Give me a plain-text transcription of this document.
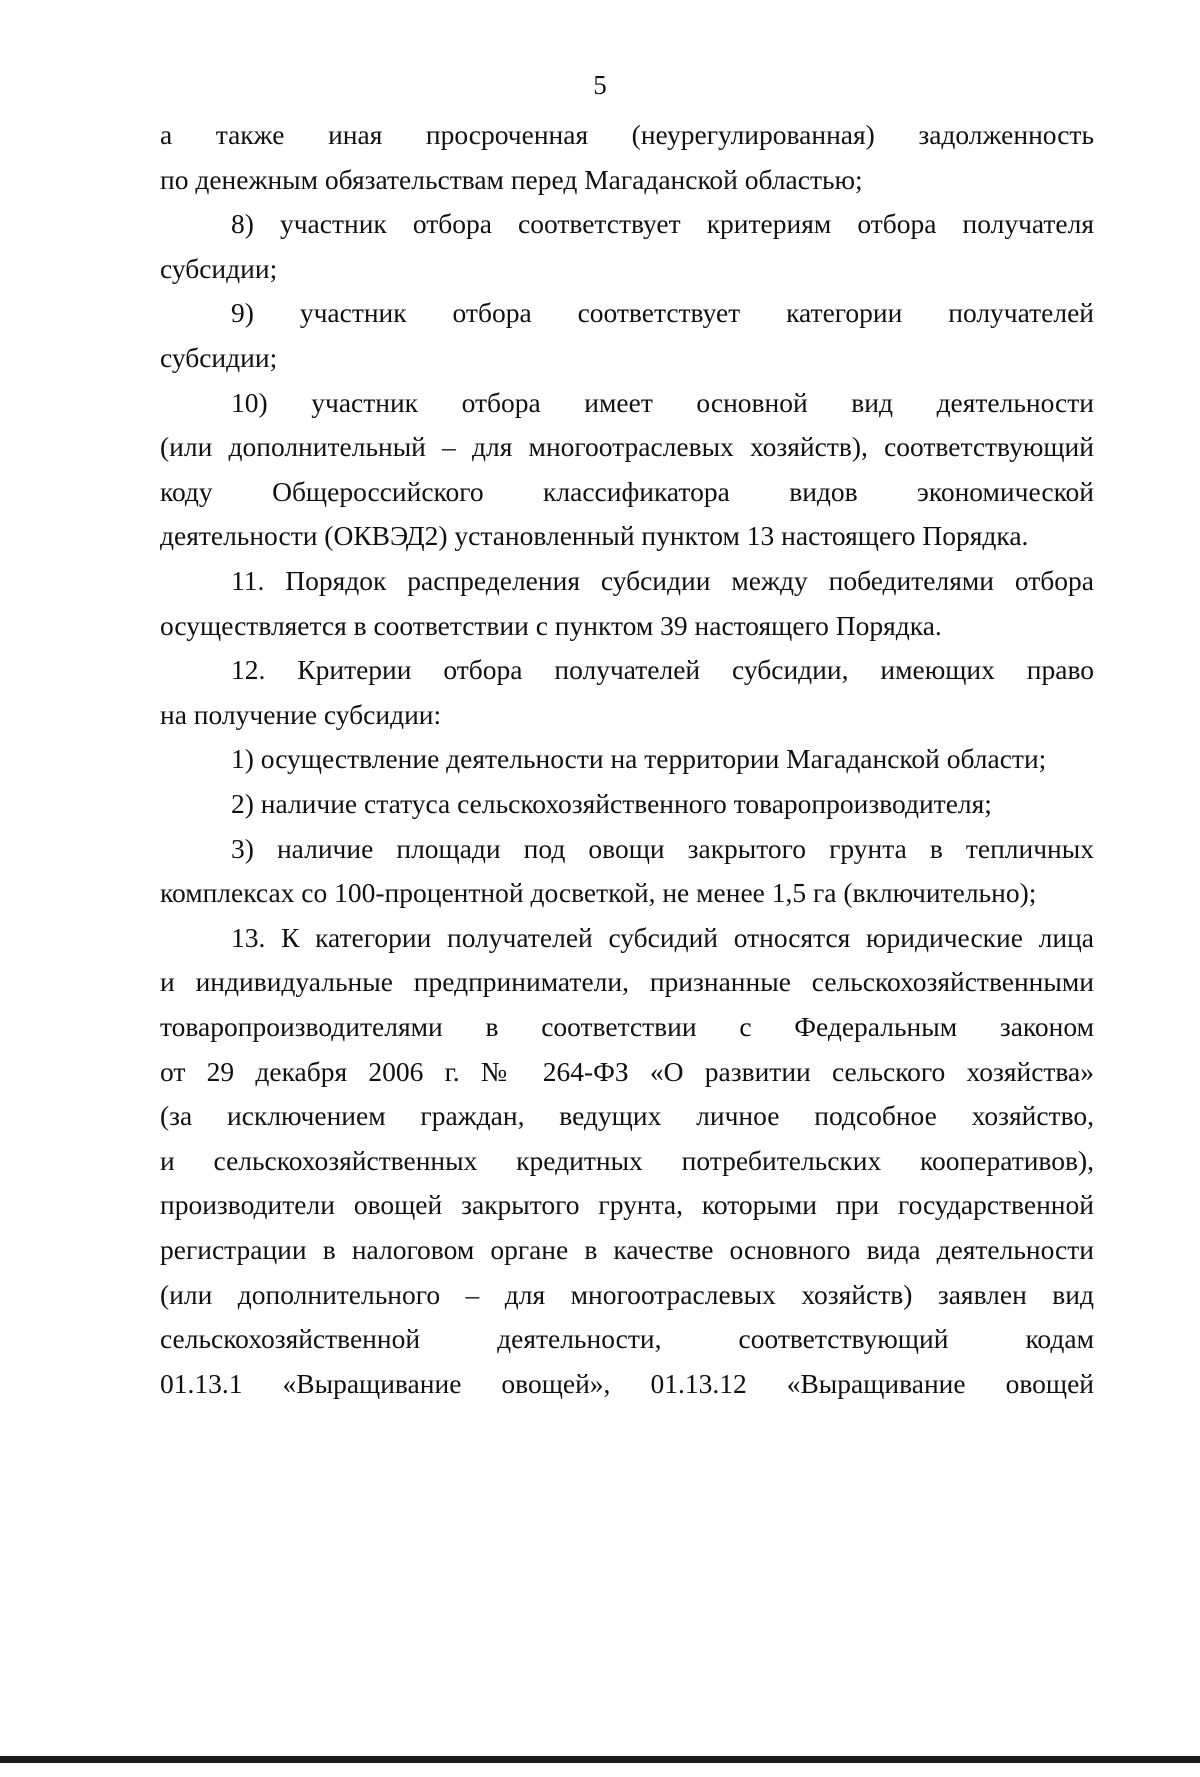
5
а также иная просроченная (неурегулированная) задолженность
по денежным обязательствам перед Магаданской областью;
8) участник отбора соответствует критериям отбора получателя
субсидии;
9) участник отбора соответствует категории получателей
субсидии;
10) участник отбора имеет основной вид деятельности
(или дополнительный – для многоотраслевых хозяйств), соответствующий
коду Общероссийского классификатора видов экономической
деятельности (ОКВЭД2) установленный пунктом 13 настоящего Порядка.
11. Порядок распределения субсидии между победителями отбора
осуществляется в соответствии с пунктом 39 настоящего Порядка.
12. Критерии отбора получателей субсидии, имеющих право
на получение субсидии:
1) осуществление деятельности на территории Магаданской области;
2) наличие статуса сельскохозяйственного товаропроизводителя;
3) наличие площади под овощи закрытого грунта в тепличных
комплексах со 100-процентной досветкой, не менее 1,5 га (включительно);
13. К категории получателей субсидий относятся юридические лица
и индивидуальные предприниматели, признанные сельскохозяйственными
товаропроизводителями в соответствии с Федеральным законом
от 29 декабря 2006 г. № 264-ФЗ «О развитии сельского хозяйства»
(за исключением граждан, ведущих личное подсобное хозяйство,
и сельскохозяйственных кредитных потребительских кооперативов),
производители овощей закрытого грунта, которыми при государственной
регистрации в налоговом органе в качестве основного вида деятельности
(или дополнительного – для многоотраслевых хозяйств) заявлен вид
сельскохозяйственной деятельности, соответствующий кодам
01.13.1 «Выращивание овощей», 01.13.12 «Выращивание овощей
